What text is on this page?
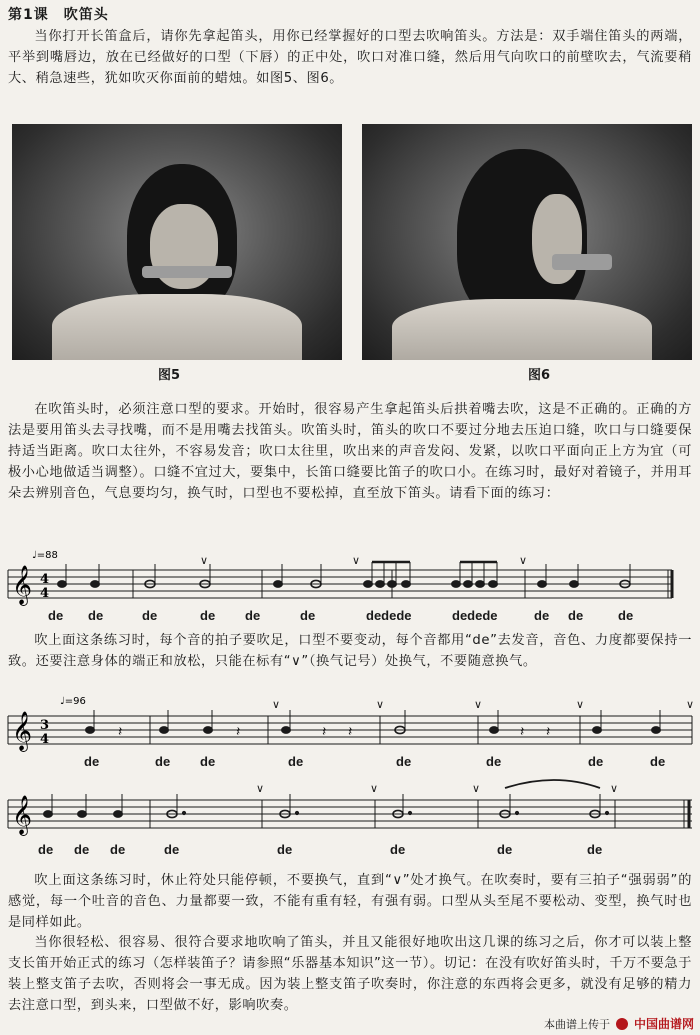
第1课　吹笛头

当你打开长笛盒后，请你先拿起笛头，用你已经掌握好的口型去吹响笛头。方法是：双手端住笛头的两端，平举到嘴唇边，放在已经做好的口型（下唇）的正中处，吹口对准口缝，然后用气向吹口的前壁吹去，气流要稍大、稍急速些，犹如吹灭你面前的蜡烛。如图5、图6。

图5	图6

在吹笛头时，必须注意口型的要求。开始时，很容易产生拿起笛头后拱着嘴去吹，这是不正确的。正确的方法是要用笛头去寻找嘴，而不是用嘴去找笛头。吹笛头时，笛头的吹口不要过分地去压迫口缝，吹口与口缝要保持适当距离。吹口太往外，不容易发音；吹口太往里，吹出来的声音发闷、发紧，以吹口平面向正上方为宜（可极小心地做适当调整）。口缝不宜过大，要集中，长笛口缝要比笛子的吹口小。在练习时，最好对着镜子，并用耳朵去辨别音色，气息要均匀，换气时，口型也不要松掉，直至放下笛头。请看下面的练习：

𝄞 4
4
♩=88	∨	∨	∨
de de	de	de de	de	dedede	dedede	de de	de

吹上面这条练习时，每个音的拍子要吹足，口型不要变动，每个音都用“de”去发音，音色、力度都要保持一致。还要注意身体的端正和放松，只能在标有“∨”（换气记号）处换气，不要随意换气。

𝄞 3
4
♩=96
𝄽	𝄽	𝄽 𝄽	𝄽 𝄽
∨	∨	∨	∨	∨
de	de de	de	de	de	de	de
𝄞
∨	∨	∨	∨
de de de	de	de	de	de	de

吹上面这条练习时，休止符处只能停顿，不要换气，直到“∨”处才换气。在吹奏时，要有三拍子“强弱弱”的感觉，每一个吐音的音色、力量都要一致，不能有重有轻，有强有弱。口型从头至尾不要松动、变型，换气时也是同样如此。

当你很轻松、很容易、很符合要求地吹响了笛头，并且又能很好地吹出这几课的练习之后，你才可以装上整支长笛开始正式的练习（怎样装笛子？请参照“乐器基本知识”这一节）。切记：在没有吹好笛头时，千万不要急于装上整支笛子去吹，否则将会一事无成。因为装上整支笛子吹奏时，你注意的东西将会更多，就没有足够的精力去注意口型，到头来，口型做不好，影响吹奏。

本曲谱上传于 中国曲谱网
